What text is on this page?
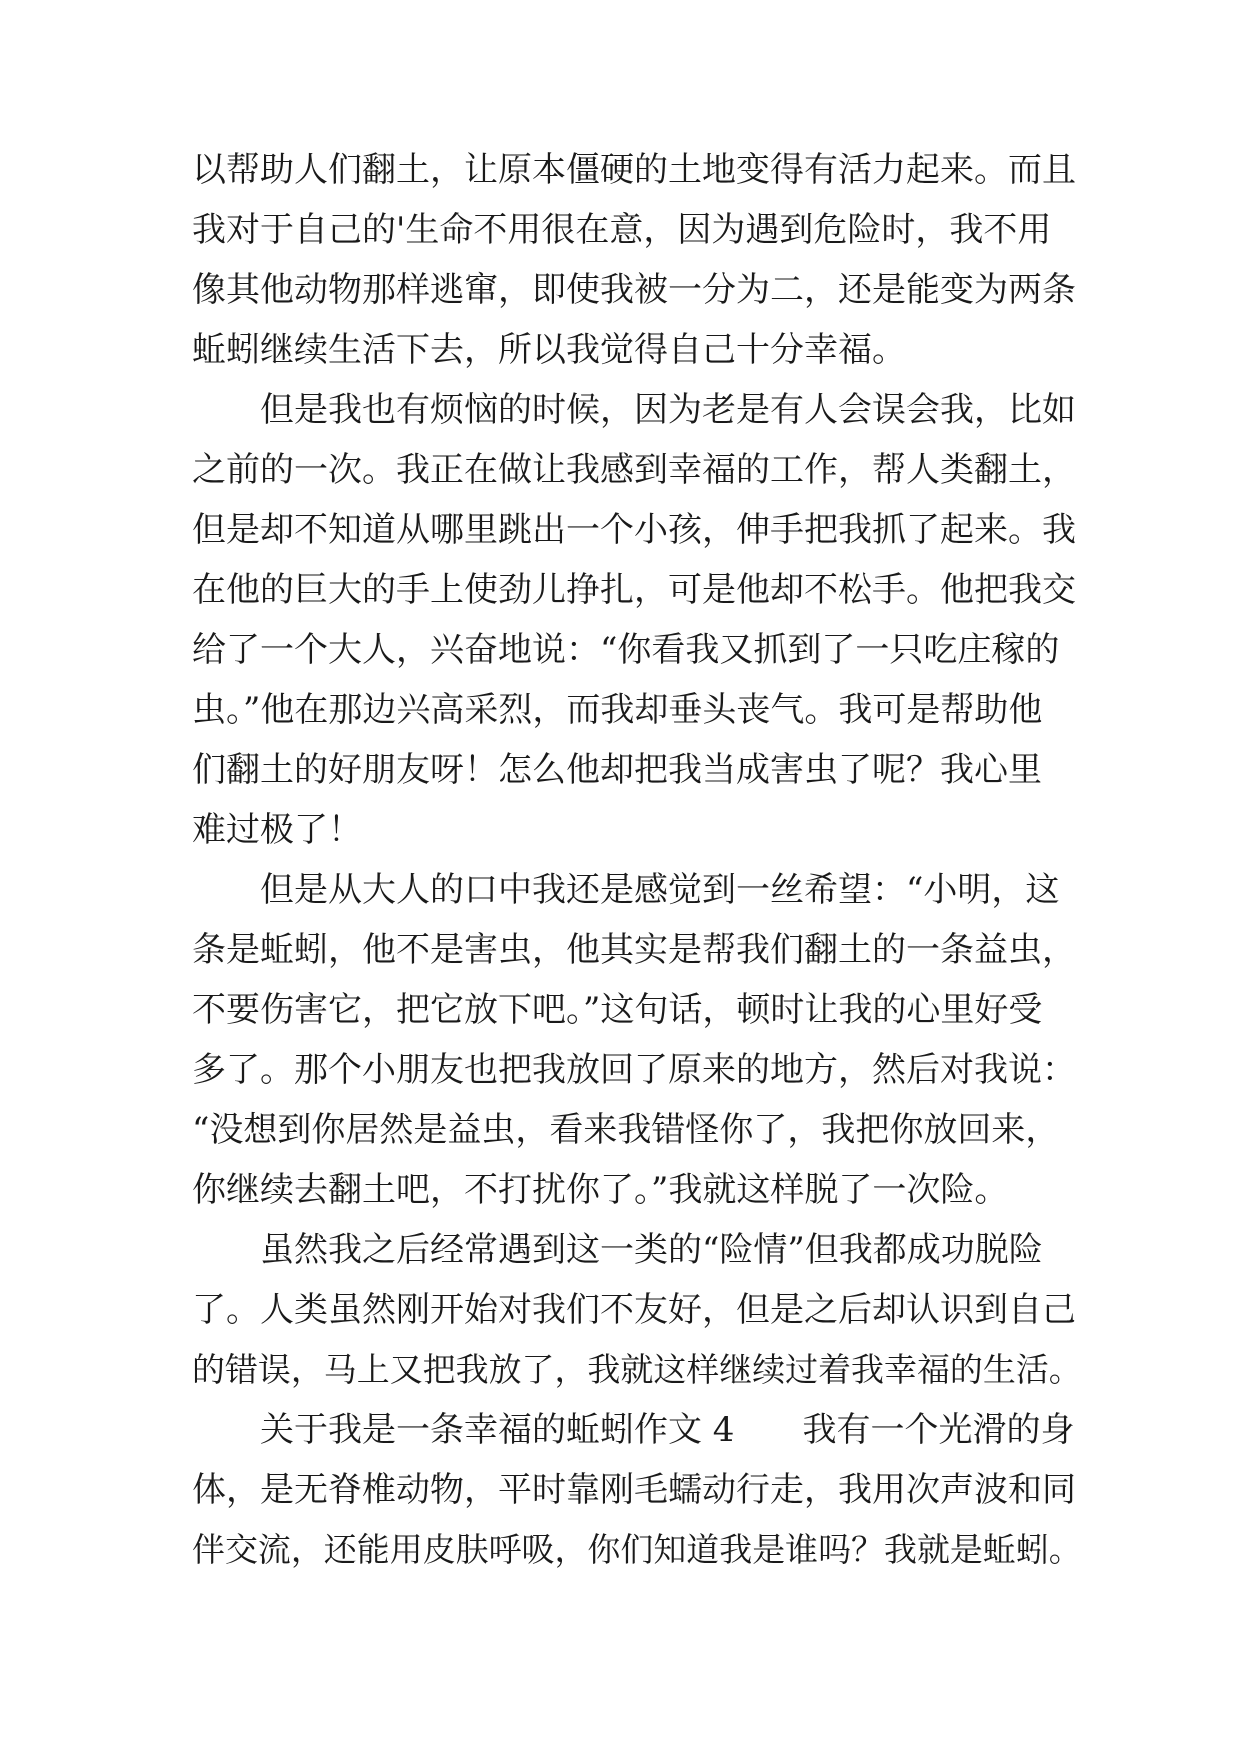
以帮助人们翻土，让原本僵硬的土地变得有活力起来。而且
我对于自己的'生命不用很在意，因为遇到危险时，我不用
像其他动物那样逃窜，即使我被一分为二，还是能变为两条
蚯蚓继续生活下去，所以我觉得自己十分幸福。
但是我也有烦恼的时候，因为老是有人会误会我，比如
之前的一次。我正在做让我感到幸福的工作，帮人类翻土，
但是却不知道从哪里跳出一个小孩，伸手把我抓了起来。我
在他的巨大的手上使劲儿挣扎，可是他却不松手。他把我交
给了一个大人，兴奋地说：“你看我又抓到了一只吃庄稼的
虫。”他在那边兴高采烈，而我却垂头丧气。我可是帮助他
们翻土的好朋友呀！怎么他却把我当成害虫了呢？我心里
难过极了！
但是从大人的口中我还是感觉到一丝希望：“小明，这
条是蚯蚓，他不是害虫，他其实是帮我们翻土的一条益虫，
不要伤害它，把它放下吧。”这句话，顿时让我的心里好受
多了。那个小朋友也把我放回了原来的地方，然后对我说：
“没想到你居然是益虫，看来我错怪你了，我把你放回来，
你继续去翻土吧，不打扰你了。”我就这样脱了一次险。
虽然我之后经常遇到这一类的“险情”但我都成功脱险
了。人类虽然刚开始对我们不友好，但是之后却认识到自己
的错误，马上又把我放了，我就这样继续过着我幸福的生活。
关于我是一条幸福的蚯蚓作文 4　　我有一个光滑的身
体，是无脊椎动物，平时靠刚毛蠕动行走，我用次声波和同
伴交流，还能用皮肤呼吸，你们知道我是谁吗？我就是蚯蚓。
